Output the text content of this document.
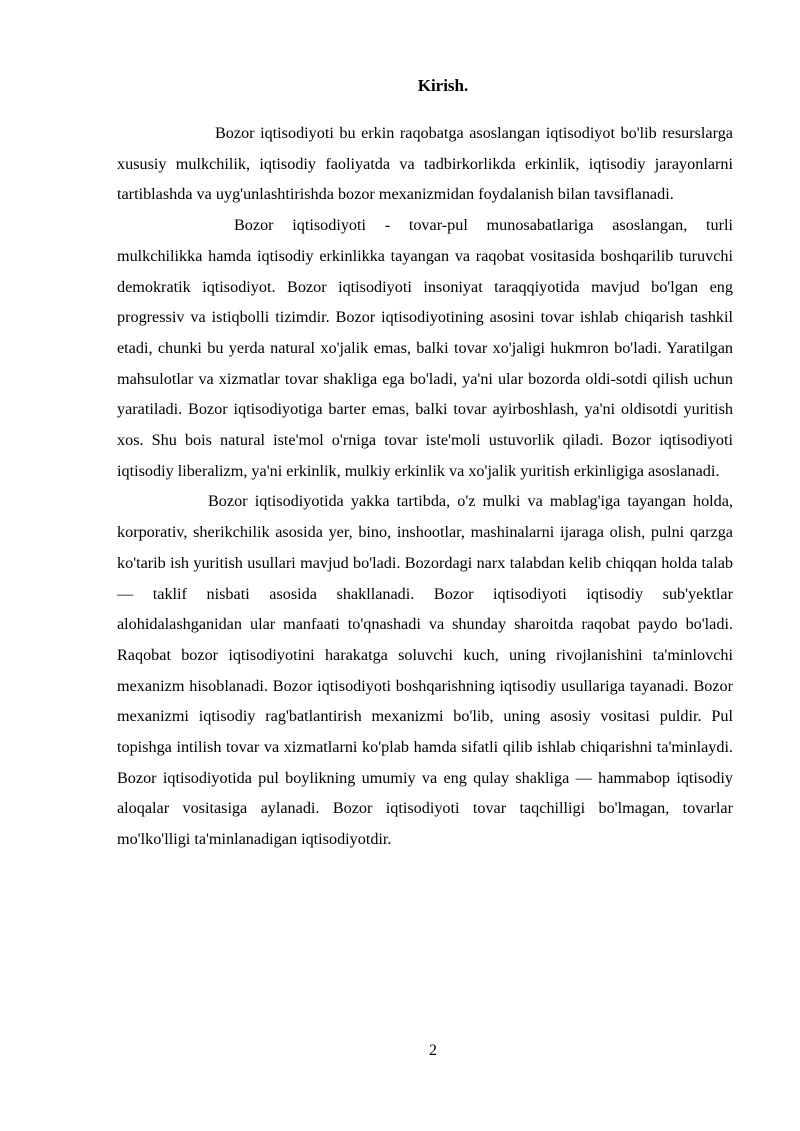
Kirish.

Bozor iqtisodiyoti bu erkin raqobatga asoslangan iqtisodiyot bo'lib resurslarga xususiy mulkchilik, iqtisodiy faoliyatda va tadbirkorlikda erkinlik, iqtisodiy jarayonlarni tartiblashda va uyg'unlashtirishda bozor mexanizmidan foydalanish bilan tavsiflanadi.

Bozor iqtisodiyoti - tovar-pul munosabatlariga asoslangan, turli mulkchilikka hamda iqtisodiy erkinlikka tayangan va raqobat vositasida boshqarilib turuvchi demokratik iqtisodiyot. Bozor iqtisodiyoti insoniyat taraqqiyotida mavjud bo'lgan eng progressiv va istiqbolli tizimdir. Bozor iqtisodiyotining asosini tovar ishlab chiqarish tashkil etadi, chunki bu yerda natural xo'jalik emas, balki tovar xo'jaligi hukmron bo'ladi. Yaratilgan mahsulotlar va xizmatlar tovar shakliga ega bo'ladi, ya'ni ular bozorda oldi-sotdi qilish uchun yaratiladi. Bozor iqtisodiyotiga barter emas, balki tovar ayirboshlash, ya'ni oldisotdi yuritish xos. Shu bois natural iste'mol o'rniga tovar iste'moli ustuvorlik qiladi. Bozor iqtisodiyoti iqtisodiy liberalizm, ya'ni erkinlik, mulkiy erkinlik va xo'jalik yuritish erkinligiga asoslanadi.

Bozor iqtisodiyotida yakka tartibda, o'z mulki va mablag'iga tayangan holda, korporativ, sherikchilik asosida yer, bino, inshootlar, mashinalarni ijaraga olish, pulni qarzga ko'tarib ish yuritish usullari mavjud bo'ladi. Bozordagi narx talabdan kelib chiqqan holda talab — taklif nisbati asosida shakllanadi. Bozor iqtisodiyoti iqtisodiy sub'yektlar alohidalashganidan ular manfaati to'qnashadi va shunday sharoitda raqobat paydo bo'ladi. Raqobat bozor iqtisodiyotini harakatga soluvchi kuch, uning rivojlanishini ta'minlovchi mexanizm hisoblanadi. Bozor iqtisodiyoti boshqarishning iqtisodiy usullariga tayanadi. Bozor mexanizmi iqtisodiy rag'batlantirish mexanizmi bo'lib, uning asosiy vositasi puldir. Pul topishga intilish tovar va xizmatlarni ko'plab hamda sifatli qilib ishlab chiqarishni ta'minlaydi. Bozor iqtisodiyotida pul boylikning umumiy va eng qulay shakliga — hammabop iqtisodiy aloqalar vositasiga aylanadi. Bozor iqtisodiyoti tovar taqchilligi bo'lmagan, tovarlar mo'lko'lligi ta'minlanadigan iqtisodiyotdir.

2
